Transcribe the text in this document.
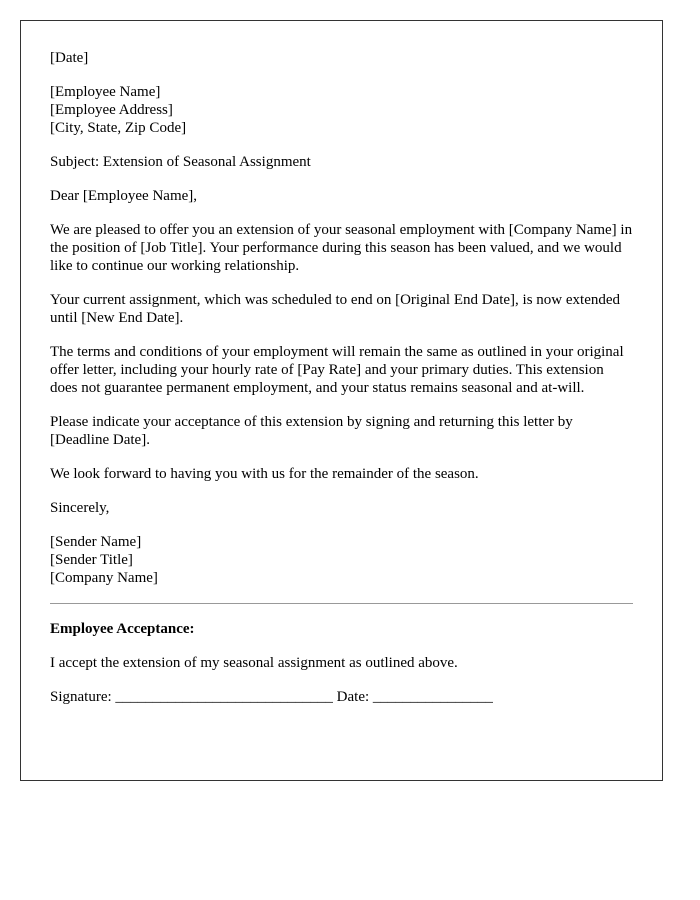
[Date]

[Employee Name]
[Employee Address]
[City, State, Zip Code]

Subject: Extension of Seasonal Assignment

Dear [Employee Name],

We are pleased to offer you an extension of your seasonal employment with [Company Name] in the position of [Job Title]. Your performance during this season has been valued, and we would like to continue our working relationship.

Your current assignment, which was scheduled to end on [Original End Date], is now extended until [New End Date].

The terms and conditions of your employment will remain the same as outlined in your original offer letter, including your hourly rate of [Pay Rate] and your primary duties. This extension does not guarantee permanent employment, and your status remains seasonal and at-will.

Please indicate your acceptance of this extension by signing and returning this letter by [Deadline Date].

We look forward to having you with us for the remainder of the season.

Sincerely,

[Sender Name]
[Sender Title]
[Company Name]

Employee Acceptance:

I accept the extension of my seasonal assignment as outlined above.

Signature: _____________________________ Date: ________________
